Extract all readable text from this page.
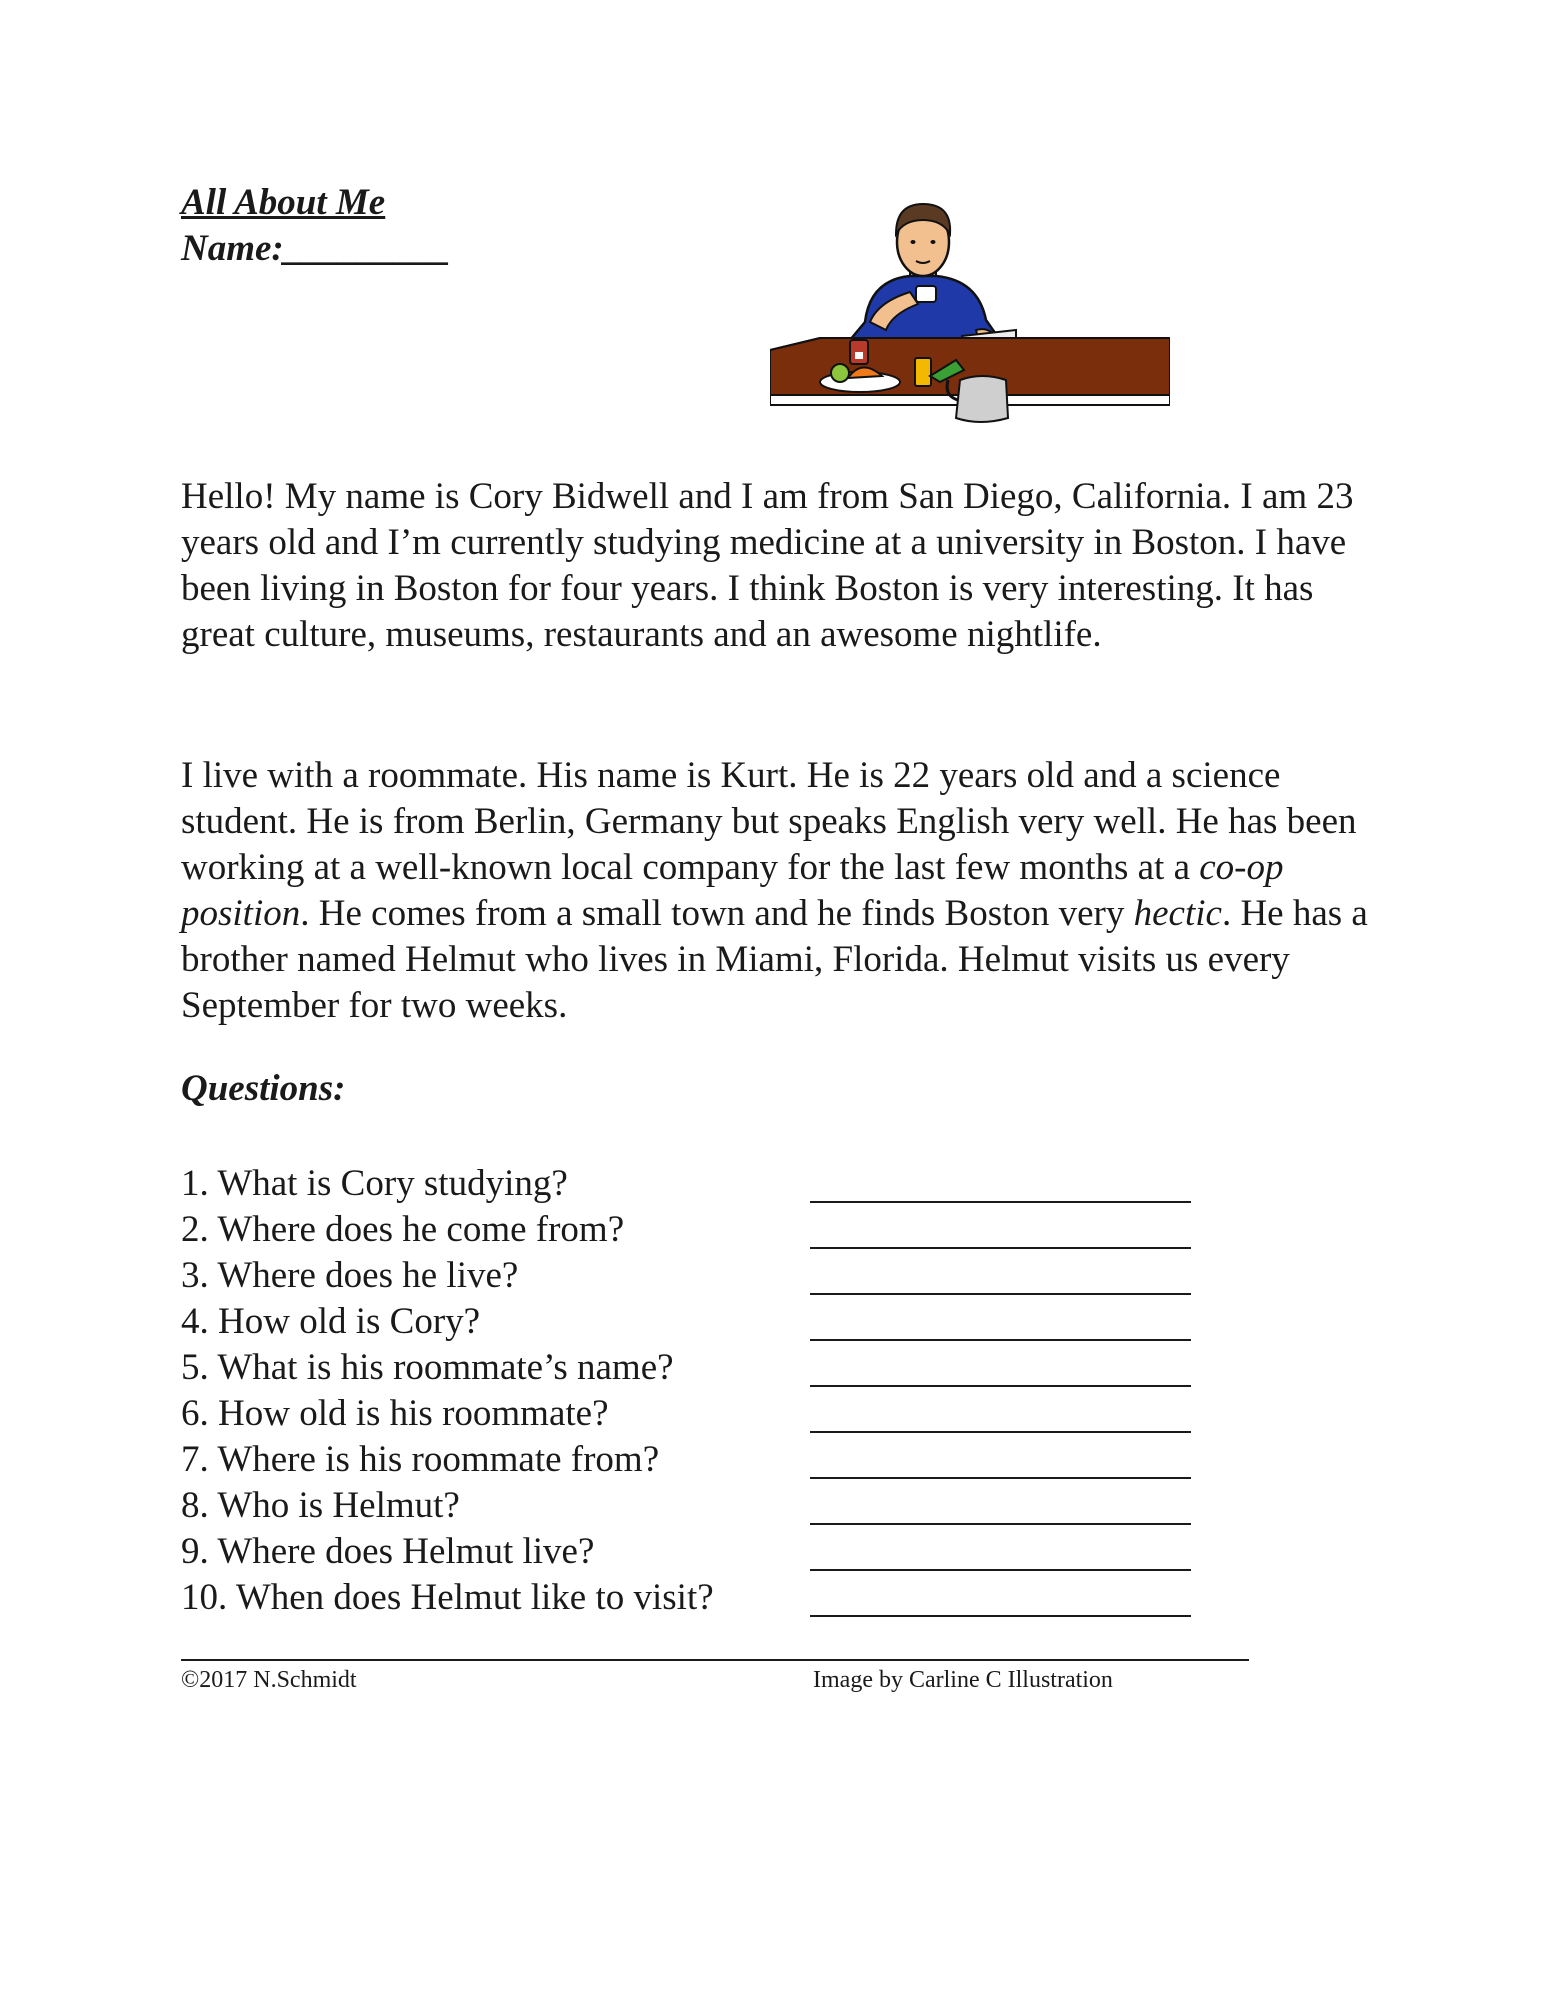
All About Me
Name:_________

Hello! My name is Cory Bidwell and I am from San Diego, California. I am 23 years old and I’m currently studying medicine at a university in Boston. I have been living in Boston for four years. I think Boston is very interesting. It has great culture, museums, restaurants and an awesome nightlife.

I live with a roommate. His name is Kurt. He is 22 years old and a science student. He is from Berlin, Germany but speaks English very well. He has been working at a well-known local company for the last few months at a co-op position. He comes from a small town and he finds Boston very hectic. He has a brother named Helmut who lives in Miami, Florida. Helmut visits us every September for two weeks.

Questions:
1. What is Cory studying?
2. Where does he come from?
3. Where does he live?
4. How old is Cory?
5. What is his roommate’s name?
6. How old is his roommate?
7. Where is his roommate from?
8. Who is Helmut?
9. Where does Helmut live?
10. When does Helmut like to visit?
©2017 N.Schmidt	Image by Carline C Illustration
